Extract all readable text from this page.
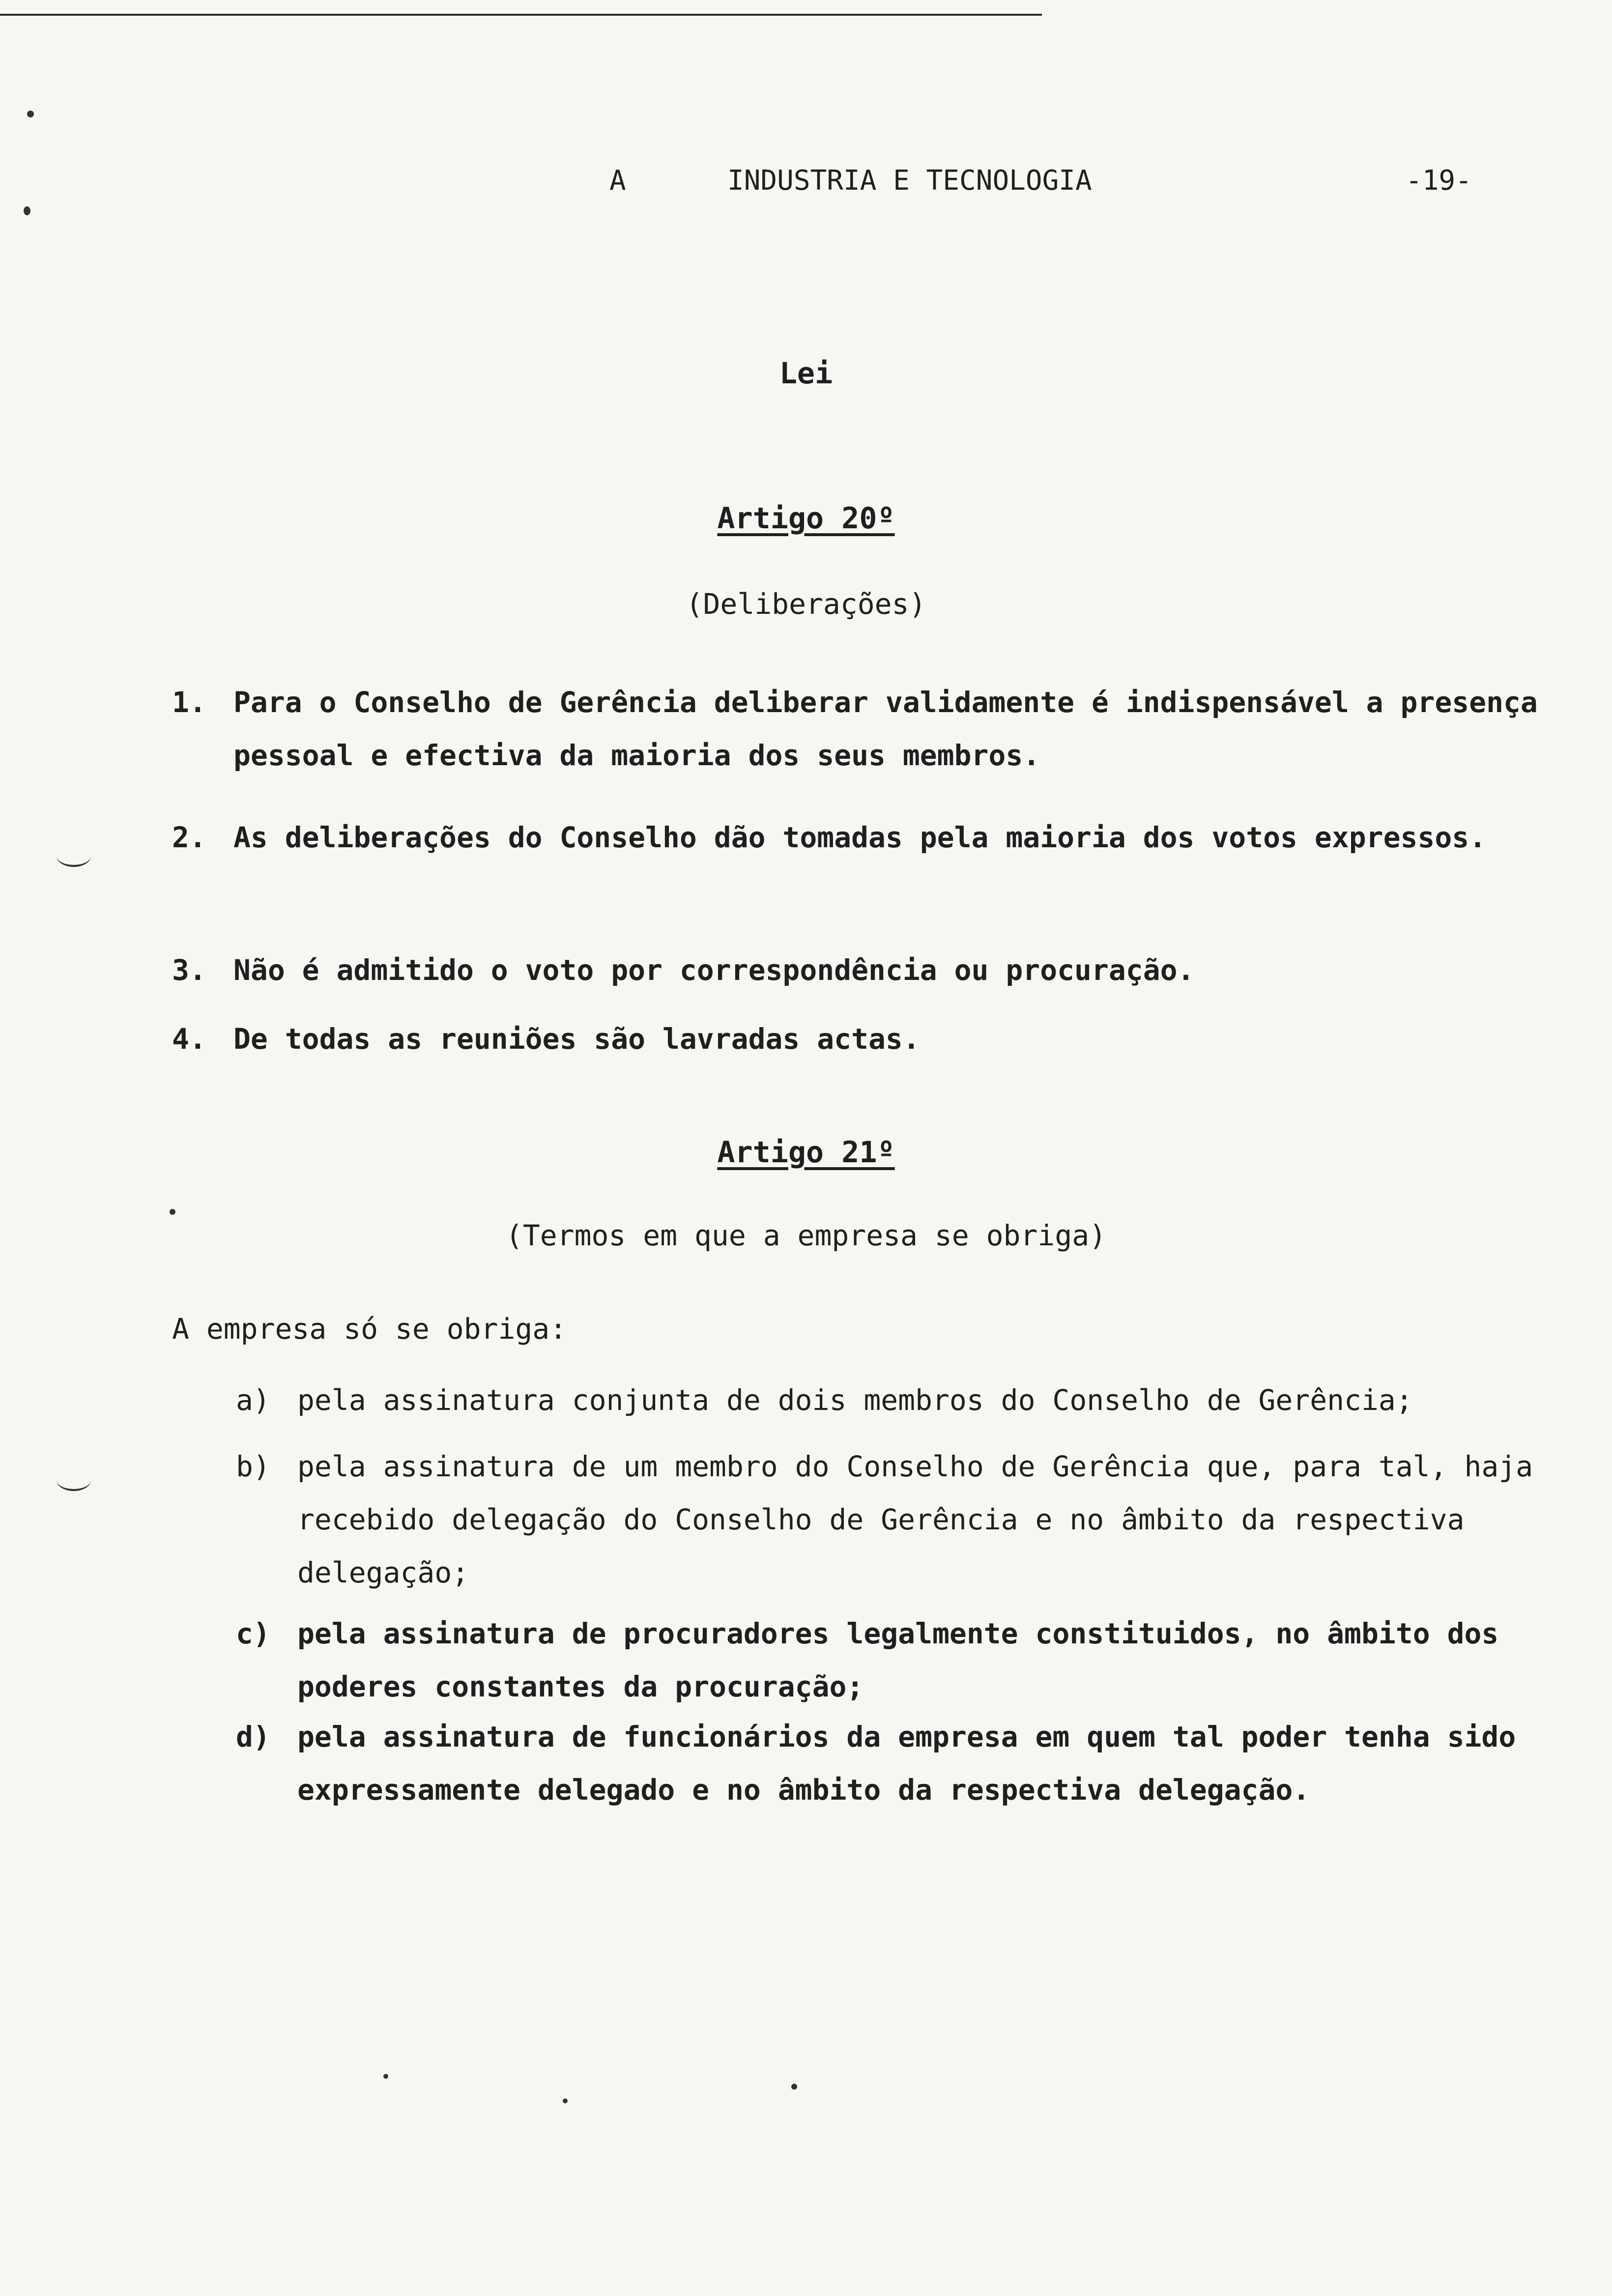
A	INDUSTRIA E TECNOLOGIA	-19-
Lei
Artigo 20º
(Deliberações)
1. Para o Conselho de Gerência deliberar validamente é indispensável a presença pessoal e efectiva da maioria dos seus membros.
2. As deliberações do Conselho dão tomadas pela maioria dos votos expressos.
3. Não é admitido o voto por correspondência ou procuração.
4. De todas as reuniões são lavradas actas.
Artigo 21º
(Termos em que a empresa se obriga)
A empresa só se obriga:
a) pela assinatura conjunta de dois membros do Conselho de Gerência;
b) pela assinatura de um membro do Conselho de Gerência que, para tal, haja recebido delegação do Conselho de Gerência e no âmbito da respectiva delegação;
c) pela assinatura de procuradores legalmente constituidos, no âmbito dos poderes constantes da procuração;
d) pela assinatura de funcionários da empresa em quem tal poder tenha sido expressamente delegado e no âmbito da respectiva delegação.
